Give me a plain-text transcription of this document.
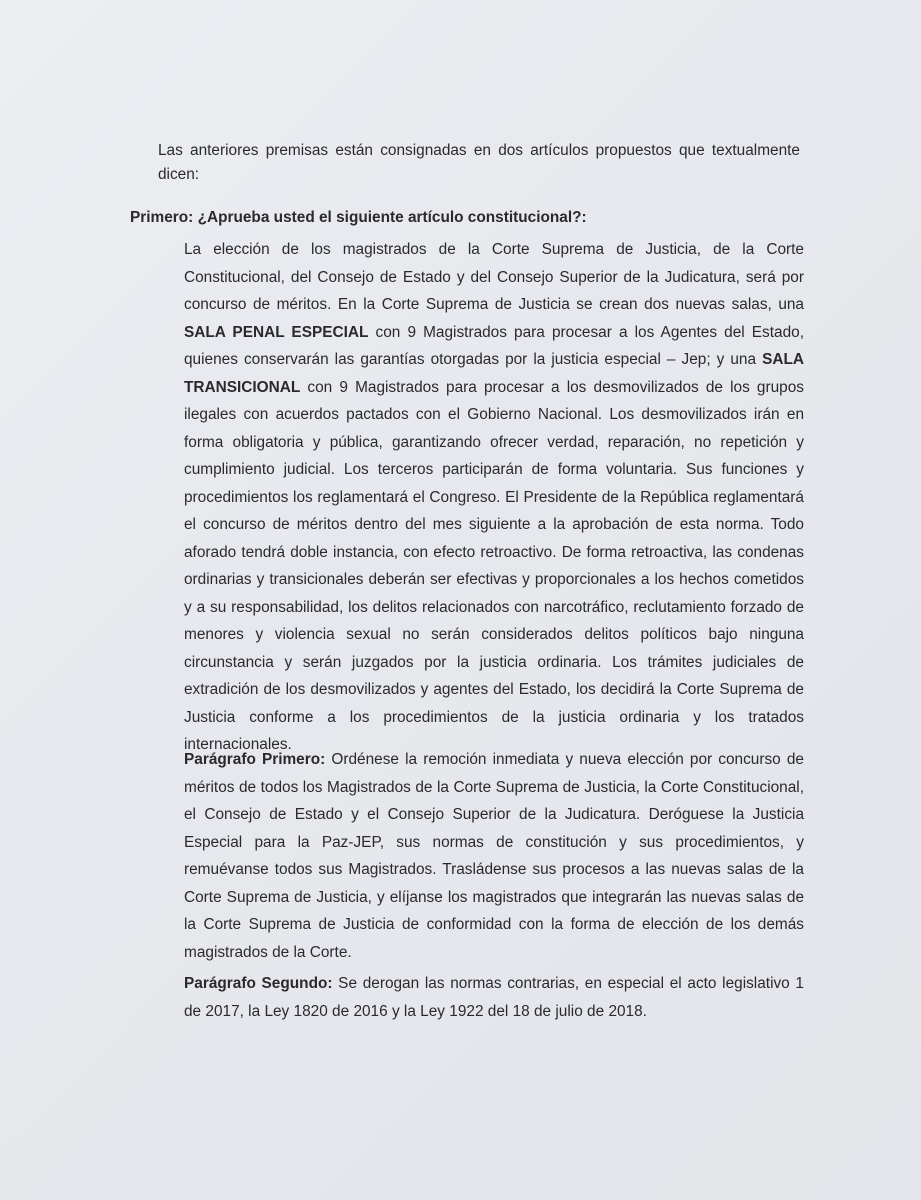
Las anteriores premisas están consignadas en dos artículos propuestos que textualmente dicen:

Primero: ¿Aprueba usted el siguiente artículo constitucional?:

La elección de los magistrados de la Corte Suprema de Justicia, de la Corte Constitucional, del Consejo de Estado y del Consejo Superior de la Judicatura, será por concurso de méritos. En la Corte Suprema de Justicia se crean dos nuevas salas, una SALA PENAL ESPECIAL con 9 Magistrados para procesar a los Agentes del Estado, quienes conservarán las garantías otorgadas por la justicia especial – Jep; y una SALA TRANSICIONAL con 9 Magistrados para procesar a los desmovilizados de los grupos ilegales con acuerdos pactados con el Gobierno Nacional. Los desmovilizados irán en forma obligatoria y pública, garantizando ofrecer verdad, reparación, no repetición y cumplimiento judicial. Los terceros participarán de forma voluntaria. Sus funciones y procedimientos los reglamentará el Congreso. El Presidente de la República reglamentará el concurso de méritos dentro del mes siguiente a la aprobación de esta norma. Todo aforado tendrá doble instancia, con efecto retroactivo. De forma retroactiva, las condenas ordinarias y transicionales deberán ser efectivas y proporcionales a los hechos cometidos y a su responsabilidad, los delitos relacionados con narcotráfico, reclutamiento forzado de menores y violencia sexual no serán considerados delitos políticos bajo ninguna circunstancia y serán juzgados por la justicia ordinaria. Los trámites judiciales de extradición de los desmovilizados y agentes del Estado, los decidirá la Corte Suprema de Justicia conforme a los procedimientos de la justicia ordinaria y los tratados internacionales.

Parágrafo Primero: Ordénese la remoción inmediata y nueva elección por concurso de méritos de todos los Magistrados de la Corte Suprema de Justicia, la Corte Constitucional, el Consejo de Estado y el Consejo Superior de la Judicatura. Deróguese la Justicia Especial para la Paz-JEP, sus normas de constitución y sus procedimientos, y remuévanse todos sus Magistrados. Trasládense sus procesos a las nuevas salas de la Corte Suprema de Justicia, y elíjanse los magistrados que integrarán las nuevas salas de la Corte Suprema de Justicia de conformidad con la forma de elección de los demás magistrados de la Corte.

Parágrafo Segundo: Se derogan las normas contrarias, en especial el acto legislativo 1 de 2017, la Ley 1820 de 2016 y la Ley 1922 del 18 de julio de 2018.
